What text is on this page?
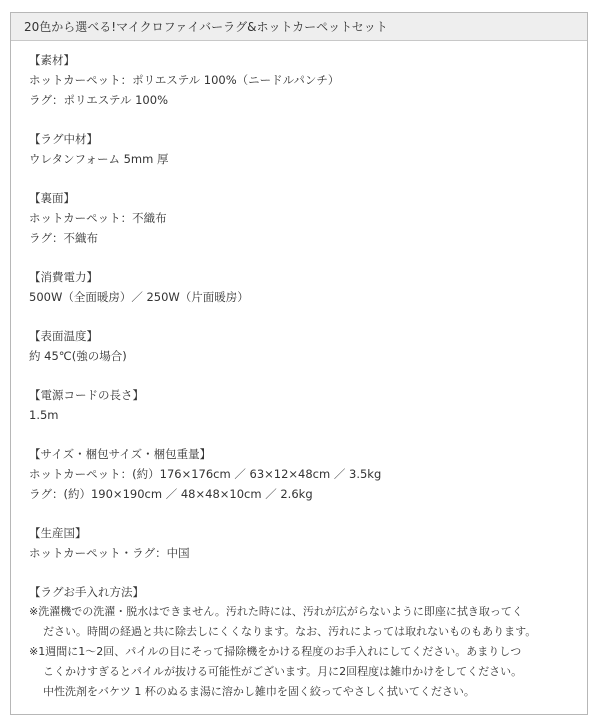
20色から選べる!マイクロファイバーラグ&ホットカーペットセット
【素材】
ホットカーペット：ポリエステル 100%（ニードルパンチ）
ラグ：ポリエステル 100%
【ラグ中材】
ウレタンフォーム 5mm 厚
【裏面】
ホットカーペット：不織布
ラグ：不織布
【消費電力】
500W（全面暖房）／ 250W（片面暖房）
【表面温度】
約 45℃(強の場合)
【電源コードの長さ】
1.5m
【サイズ・梱包サイズ・梱包重量】
ホットカーペット：(約）176×176cm ／ 63×12×48cm ／ 3.5kg
ラグ：(約）190×190cm ／ 48×48×10cm ／ 2.6kg
【生産国】
ホットカーペット・ラグ：中国
【ラグお手入れ方法】
※洗濯機での洗濯・脱水はできません。汚れた時には、汚れが広がらないように即座に拭き取ってく
ださい。時間の経過と共に除去しにくくなります。なお、汚れによっては取れないものもあります。
※1週間に1～2回、パイルの目にそって掃除機をかける程度のお手入れにしてください。あまりしつ
こくかけすぎるとパイルが抜ける可能性がございます。月に2回程度は雑巾かけをしてください。
中性洗剤をバケツ 1 杯のぬるま湯に溶かし雑巾を固く絞ってやさしく拭いてください。
